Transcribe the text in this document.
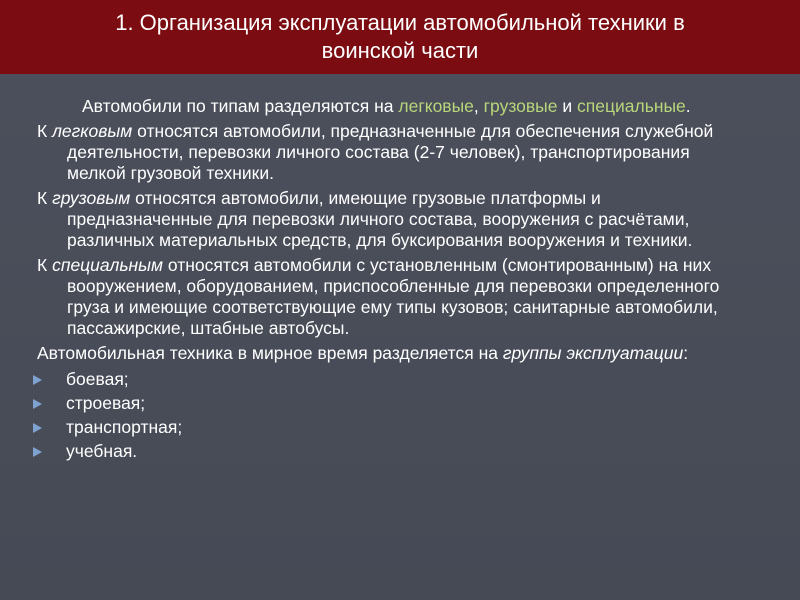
1. Организация эксплуатации автомобильной техники в
воинской части

Автомобили по типам разделяются на легковые, грузовые и специальные.

К легковым относятся автомобили, предназначенные для обеспечения служебной деятельности, перевозки личного состава (2-7 человек), транспортирования мелкой грузовой техники.

К грузовым относятся автомобили, имеющие грузовые платформы и предназначенные для перевозки личного состава, вооружения с расчётами, различных материальных средств, для буксирования вооружения и техники.

К специальным относятся автомобили с установленным (смонтированным) на них вооружением, оборудованием, приспособленные для перевозки определенного груза и имеющие соответствующие ему типы кузовов; санитарные автомобили, пассажирские, штабные автобусы.

Автомобильная техника в мирное время разделяется на группы эксплуатации:

боевая;
строевая;
транспортная;
учебная.
